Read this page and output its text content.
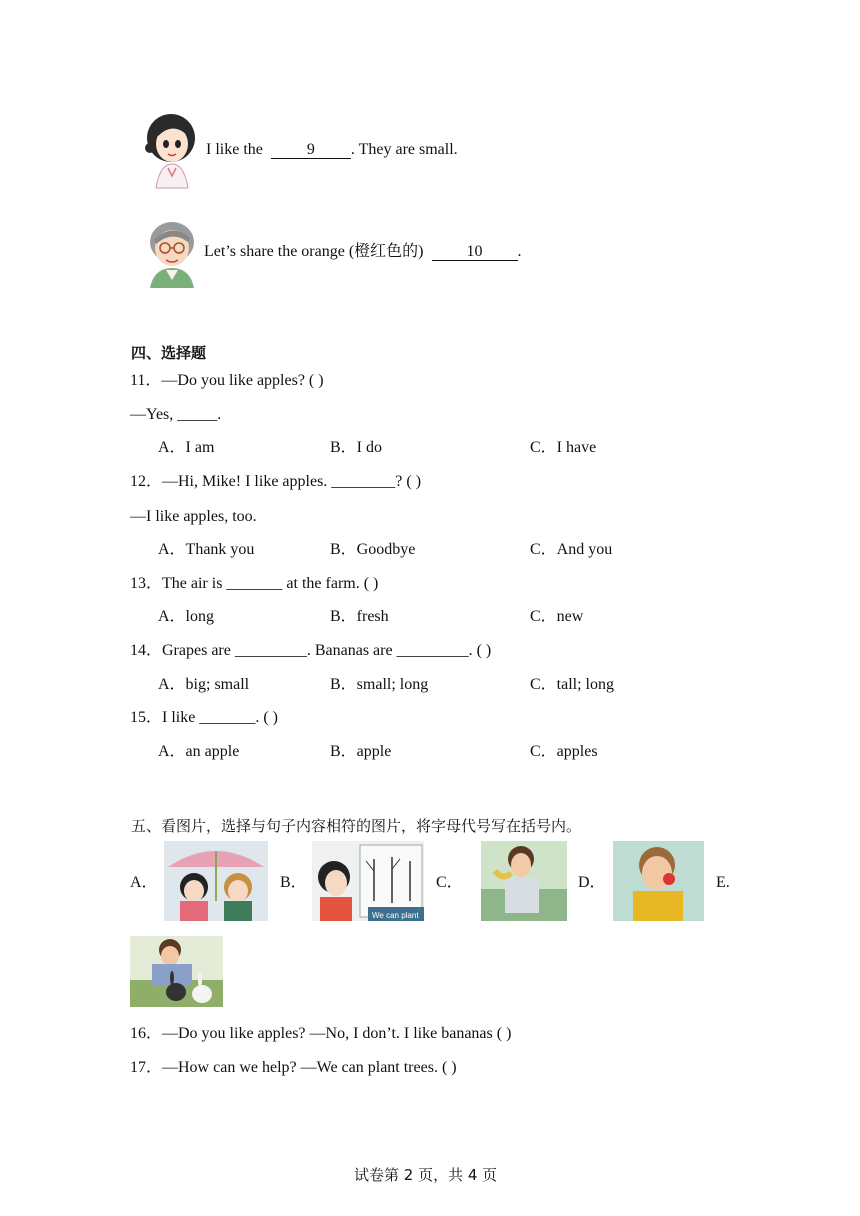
I like the	9 . They are small.
Let’s share the orange (橙红色的) 10 .
四、选择题
11．—Do you like apples? ( )
—Yes, _____.
A．I am	B．I do	C．I have
12．—Hi, Mike! I like apples. ________? ( )
—I like apples, too.
A．Thank you	B．Goodbye	C．And you
13．The air is _______ at the farm. ( )
A．long	B．fresh	C．new
14．Grapes are _________. Bananas are _________. ( )
A．big; small	B．small; long	C．tall; long
15．I like _______. ( )
A．an apple	B．apple	C．apples
五、看图片，选择与句子内容相符的图片，将字母代号写在括号内。
A．	B．
We can plant
C．	D．	E.
16．—Do you like apples? —No, I don’t. I like bananas ( )
17．—How can we help? —We can plant trees. ( )
试卷第 2 页，共 4 页
